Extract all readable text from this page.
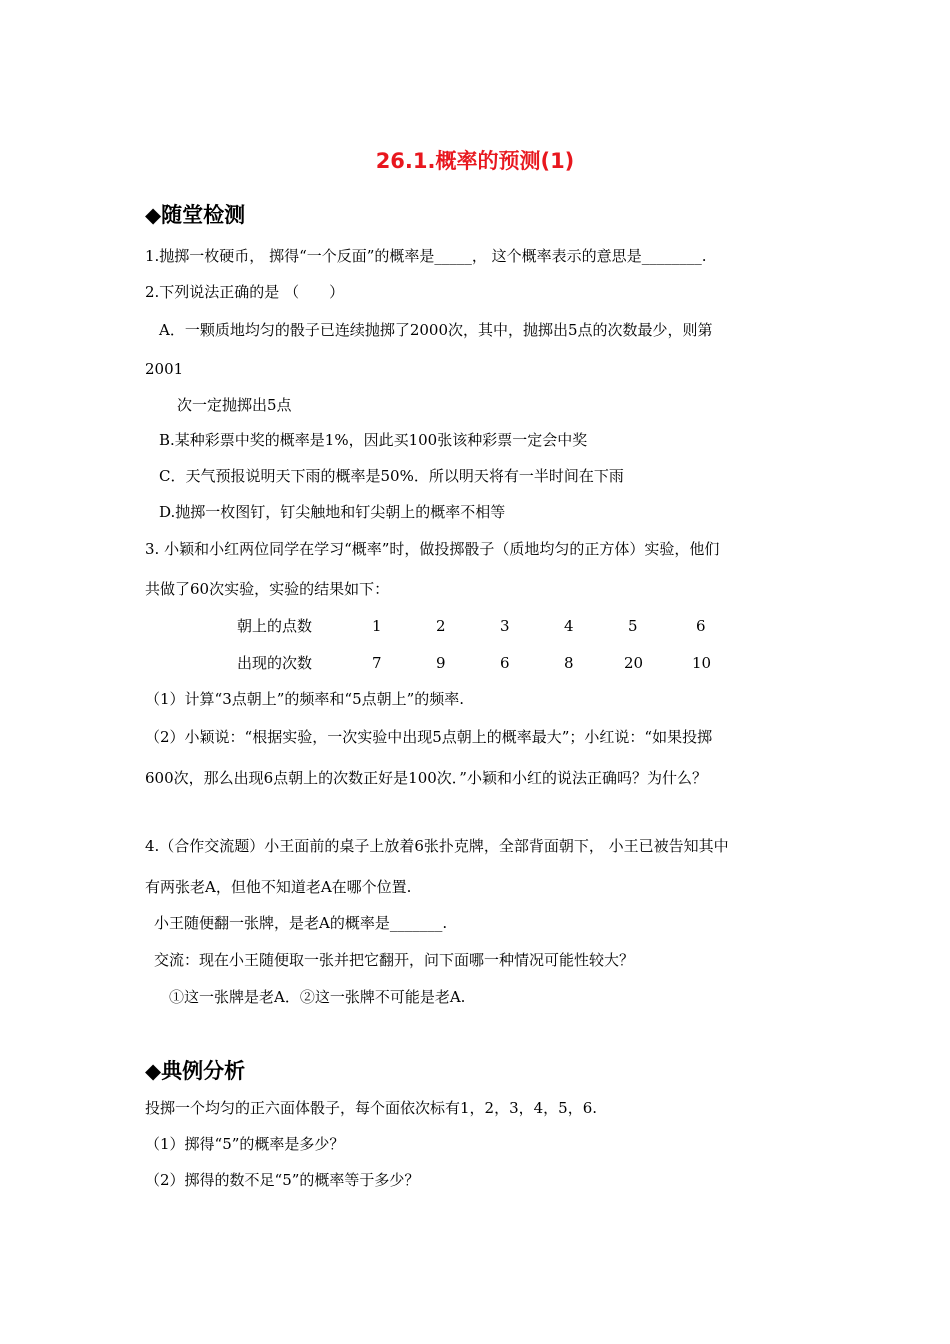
26.1.概率的预测(1)
◆随堂检测
1.抛掷一枚硬币， 掷得“一个反面”的概率是_____， 这个概率表示的意思是________.
2.下列说法正确的是 （　　）
A．一颗质地均匀的骰子已连续抛掷了2000次，其中，抛掷出5点的次数最少，则第
2001
次一定抛掷出5点
B.某种彩票中奖的概率是1%，因此买100张该种彩票一定会中奖
C．天气预报说明天下雨的概率是50%．所以明天将有一半时间在下雨
D.抛掷一枚图钉，钉尖触地和钉尖朝上的概率不相等
3. 小颖和小红两位同学在学习“概率”时，做投掷骰子（质地均匀的正方体）实验，他们
共做了60次实验，实验的结果如下：
朝上的点数	1	2	3	4	5	6
出现的次数	7	9	6	8	20	10
（1）计算“3点朝上”的频率和“5点朝上”的频率.
（2）小颖说：“根据实验，一次实验中出现5点朝上的概率最大”；小红说：“如果投掷
600次，那么出现6点朝上的次数正好是100次．”小颖和小红的说法正确吗？为什么？
4.（合作交流题）小王面前的桌子上放着6张扑克牌，全部背面朝下， 小王已被告知其中
有两张老A，但他不知道老A在哪个位置.
小王随便翻一张牌，是老A的概率是_______.
交流：现在小王随便取一张并把它翻开，问下面哪一种情况可能性较大？
①这一张牌是老A．②这一张牌不可能是老A.
◆典例分析
投掷一个均匀的正六面体骰子，每个面依次标有1，2，3，4，5，6.
（1）掷得“5”的概率是多少？
（2）掷得的数不足“5”的概率等于多少？
